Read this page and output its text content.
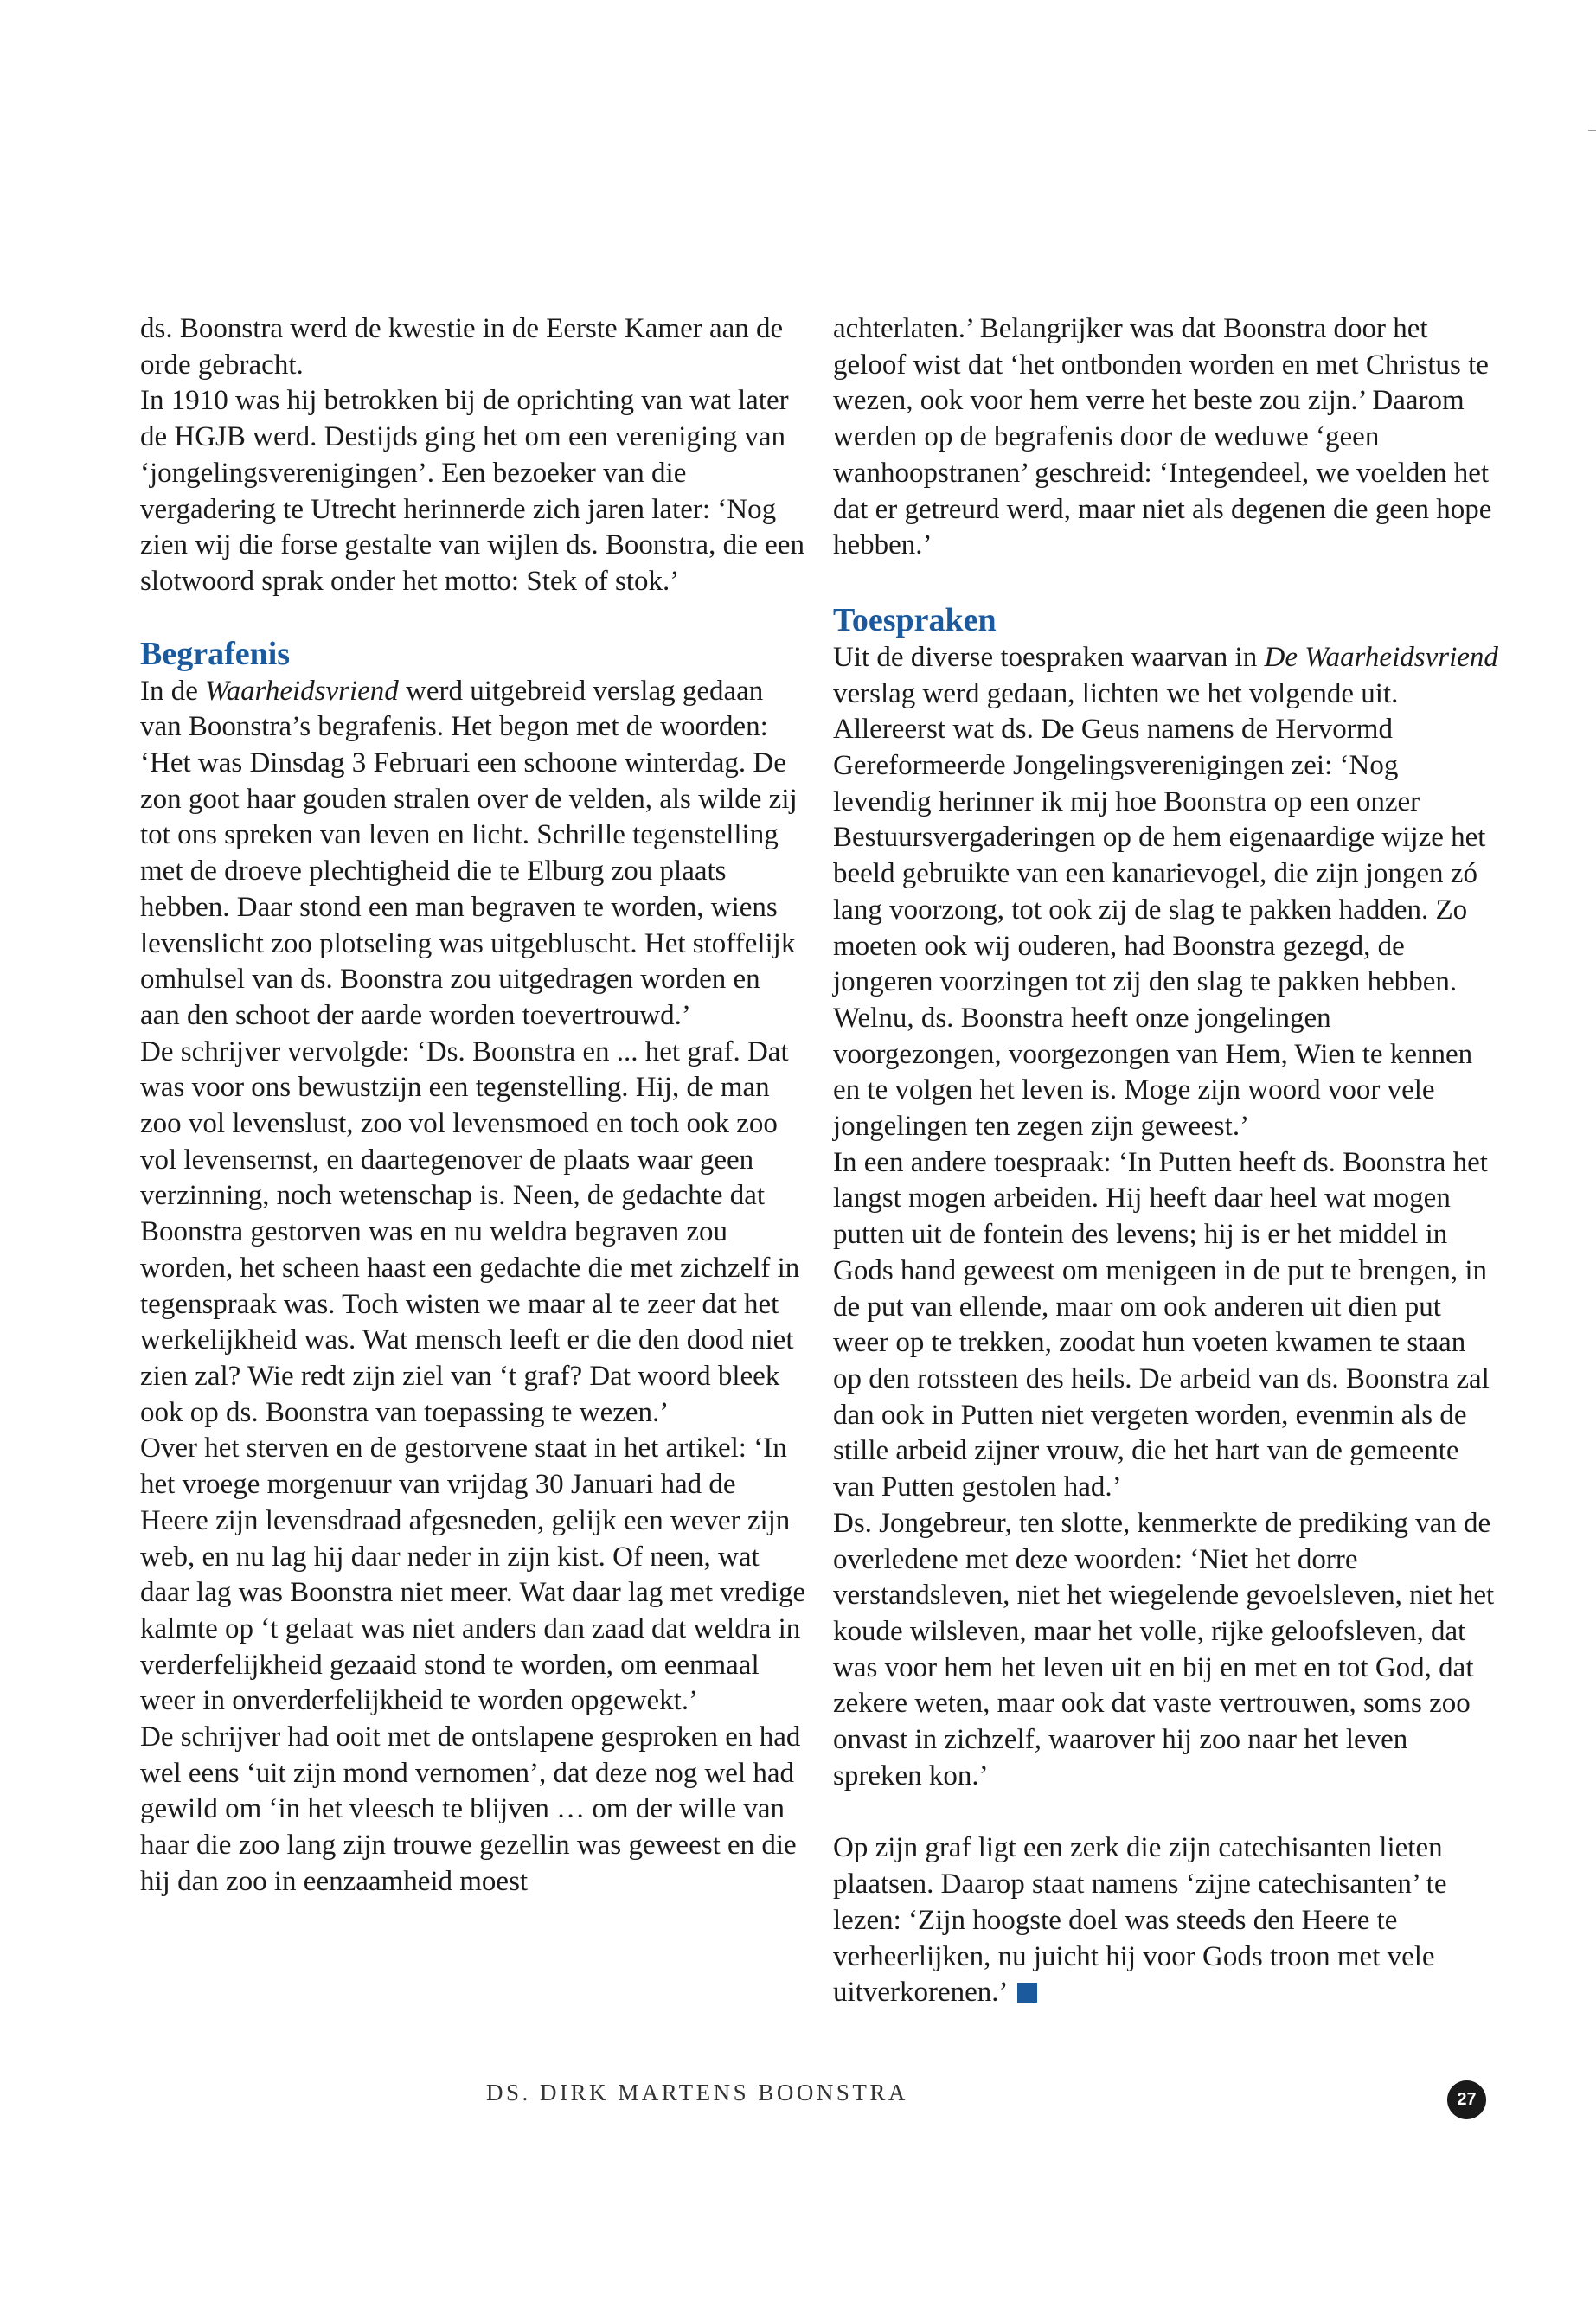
ds. Boonstra werd de kwestie in de Eerste Kamer aan de orde gebracht.

In 1910 was hij betrokken bij de oprichting van wat later de HGJB werd. Destijds ging het om een vereniging van ‘jongelingsverenigingen’. Een bezoeker van die vergadering te Utrecht herinnerde zich jaren later: ‘Nog zien wij die forse gestalte van wijlen ds. Boonstra, die een slotwoord sprak onder het motto: Stek of stok.’

Begrafenis

In de Waarheidsvriend werd uitgebreid verslag gedaan van Boonstra’s begrafenis. Het begon met de woorden: ‘Het was Dinsdag 3 Februari een schoone winterdag. De zon goot haar gouden stralen over de velden, als wilde zij tot ons spreken van leven en licht. Schrille tegenstelling met de droeve plechtigheid die te Elburg zou plaats hebben. Daar stond een man begraven te worden, wiens levenslicht zoo plotseling was uitgebluscht. Het stoffelijk omhulsel van ds. Boonstra zou uitgedragen worden en aan den schoot der aarde worden toevertrouwd.’

De schrijver vervolgde: ‘Ds. Boonstra en ... het graf. Dat was voor ons bewustzijn een tegenstelling. Hij, de man zoo vol levenslust, zoo vol levensmoed en toch ook zoo vol levensernst, en daartegenover de plaats waar geen verzinning, noch wetenschap is. Neen, de gedachte dat Boonstra gestorven was en nu weldra begraven zou worden, het scheen haast een gedachte die met zichzelf in tegenspraak was. Toch wisten we maar al te zeer dat het werkelijkheid was. Wat mensch leeft er die den dood niet zien zal? Wie redt zijn ziel van ‘t graf? Dat woord bleek ook op ds. Boonstra van toepassing te wezen.’

Over het sterven en de gestorvene staat in het artikel: ‘In het vroege morgenuur van vrijdag 30 Januari had de Heere zijn levensdraad afgesneden, gelijk een wever zijn web, en nu lag hij daar neder in zijn kist. Of neen, wat daar lag was Boonstra niet meer. Wat daar lag met vredige kalmte op ‘t gelaat was niet anders dan zaad dat weldra in verderfelijkheid gezaaid stond te worden, om eenmaal weer in onverderfelijkheid te worden opgewekt.’

De schrijver had ooit met de ontslapene gesproken en had wel eens ‘uit zijn mond vernomen’, dat deze nog wel had gewild om ‘in het vleesch te blijven … om der wille van haar die zoo lang zijn trouwe gezellin was geweest en die hij dan zoo in eenzaamheid moest

achterlaten.’ Belangrijker was dat Boonstra door het geloof wist dat ‘het ontbonden worden en met Christus te wezen, ook voor hem verre het beste zou zijn.’ Daarom werden op de begrafenis door de weduwe ‘geen wanhoopstranen’ geschreid: ‘Integendeel, we voelden het dat er getreurd werd, maar niet als degenen die geen hope hebben.’

Toespraken

Uit de diverse toespraken waarvan in De Waarheidsvriend verslag werd gedaan, lichten we het volgende uit. Allereerst wat ds. De Geus namens de Hervormd Gereformeerde Jongelingsverenigingen zei: ‘Nog levendig herinner ik mij hoe Boonstra op een onzer Bestuursvergaderingen op de hem eigenaardige wijze het beeld gebruikte van een kanarievogel, die zijn jongen zó lang voorzong, tot ook zij de slag te pakken hadden. Zo moeten ook wij ouderen, had Boonstra gezegd, de jongeren voorzingen tot zij den slag te pakken hebben. Welnu, ds. Boonstra heeft onze jongelingen voorgezongen, voorgezongen van Hem, Wien te kennen en te volgen het leven is. Moge zijn woord voor vele jongelingen ten zegen zijn geweest.’

In een andere toespraak: ‘In Putten heeft ds. Boonstra het langst mogen arbeiden. Hij heeft daar heel wat mogen putten uit de fontein des levens; hij is er het middel in Gods hand geweest om menigeen in de put te brengen, in de put van ellende, maar om ook anderen uit dien put weer op te trekken, zoodat hun voeten kwamen te staan op den rotssteen des heils. De arbeid van ds. Boonstra zal dan ook in Putten niet vergeten worden, evenmin als de stille arbeid zijner vrouw, die het hart van de gemeente van Putten gestolen had.’

Ds. Jongebreur, ten slotte, kenmerkte de prediking van de overledene met deze woorden: ‘Niet het dorre verstandsleven, niet het wiegelende gevoelsleven, niet het koude wilsleven, maar het volle, rijke geloofsleven, dat was voor hem het leven uit en bij en met en tot God, dat zekere weten, maar ook dat vaste vertrouwen, soms zoo onvast in zichzelf, waarover hij zoo naar het leven spreken kon.’

Op zijn graf ligt een zerk die zijn catechisanten lieten plaatsen. Daarop staat namens ‘zijne catechisanten’ te lezen: ‘Zijn hoogste doel was steeds den Heere te verheerlijken, nu juicht hij voor Gods troon met vele uitverkorenen.’

DS. DIRK MARTENS BOONSTRA	27
